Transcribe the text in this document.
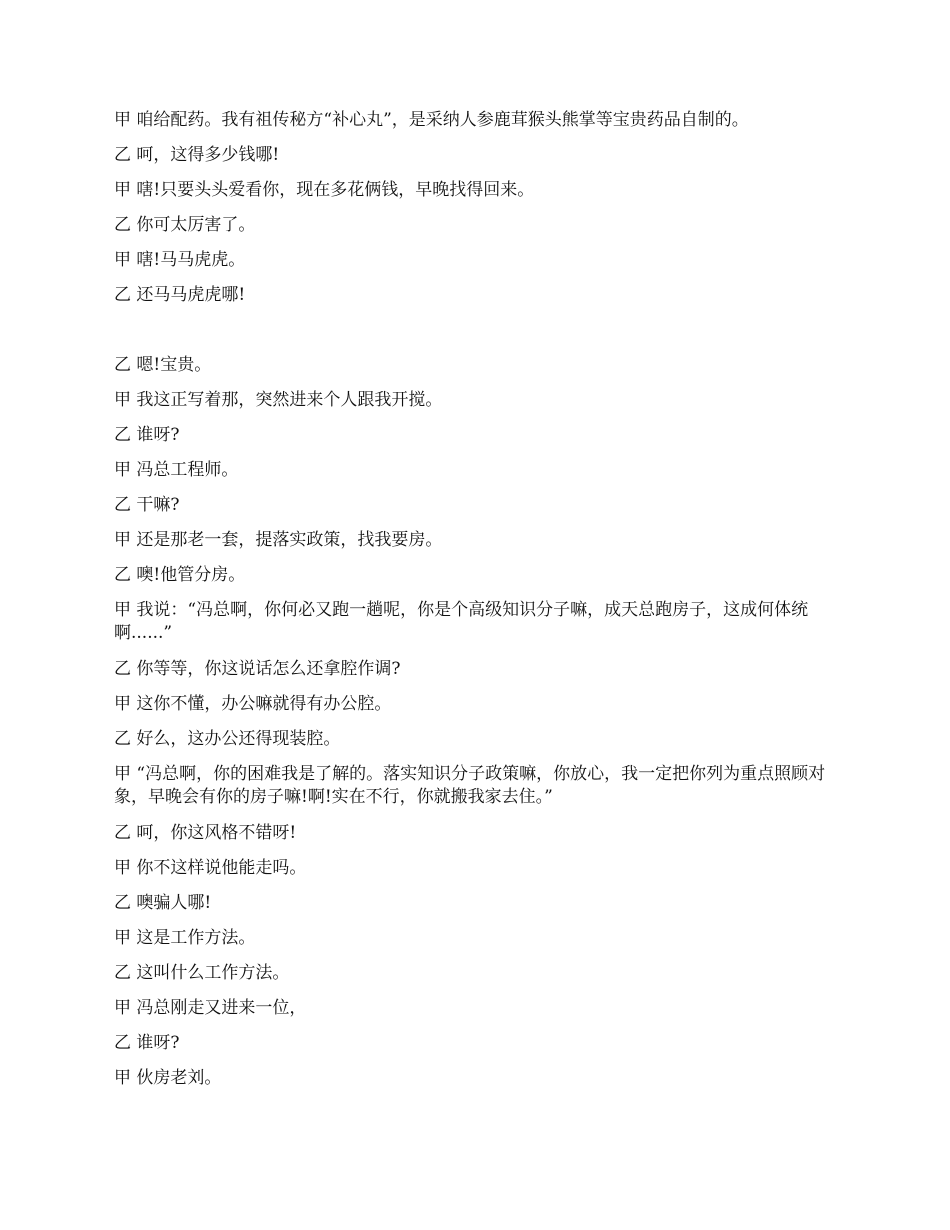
甲 咱给配药。我有祖传秘方“补心丸”，是采纳人参鹿茸猴头熊掌等宝贵药品自制的。

乙 呵，这得多少钱哪!

甲 嗐!只要头头爱看你，现在多花俩钱，早晚找得回来。

乙 你可太厉害了。

甲 嗐!马马虎虎。

乙 还马马虎虎哪!

乙 嗯!宝贵。

甲 我这正写着那，突然进来个人跟我开搅。

乙 谁呀?

甲 冯总工程师。

乙 干嘛?

甲 还是那老一套，提落实政策，找我要房。

乙 噢!他管分房。

甲 我说：“冯总啊，你何必又跑一趟呢，你是个高级知识分子嘛，成天总跑房子，这成何体统啊......”

乙 你等等，你这说话怎么还拿腔作调?

甲 这你不懂，办公嘛就得有办公腔。

乙 好么，这办公还得现装腔。

甲 “冯总啊，你的困难我是了解的。落实知识分子政策嘛，你放心，我一定把你列为重点照顾对象，早晚会有你的房子嘛!啊!实在不行，你就搬我家去住。”

乙 呵，你这风格不错呀!

甲 你不这样说他能走吗。

乙 噢骗人哪!

甲 这是工作方法。

乙 这叫什么工作方法。

甲 冯总刚走又进来一位，

乙 谁呀?

甲 伙房老刘。
